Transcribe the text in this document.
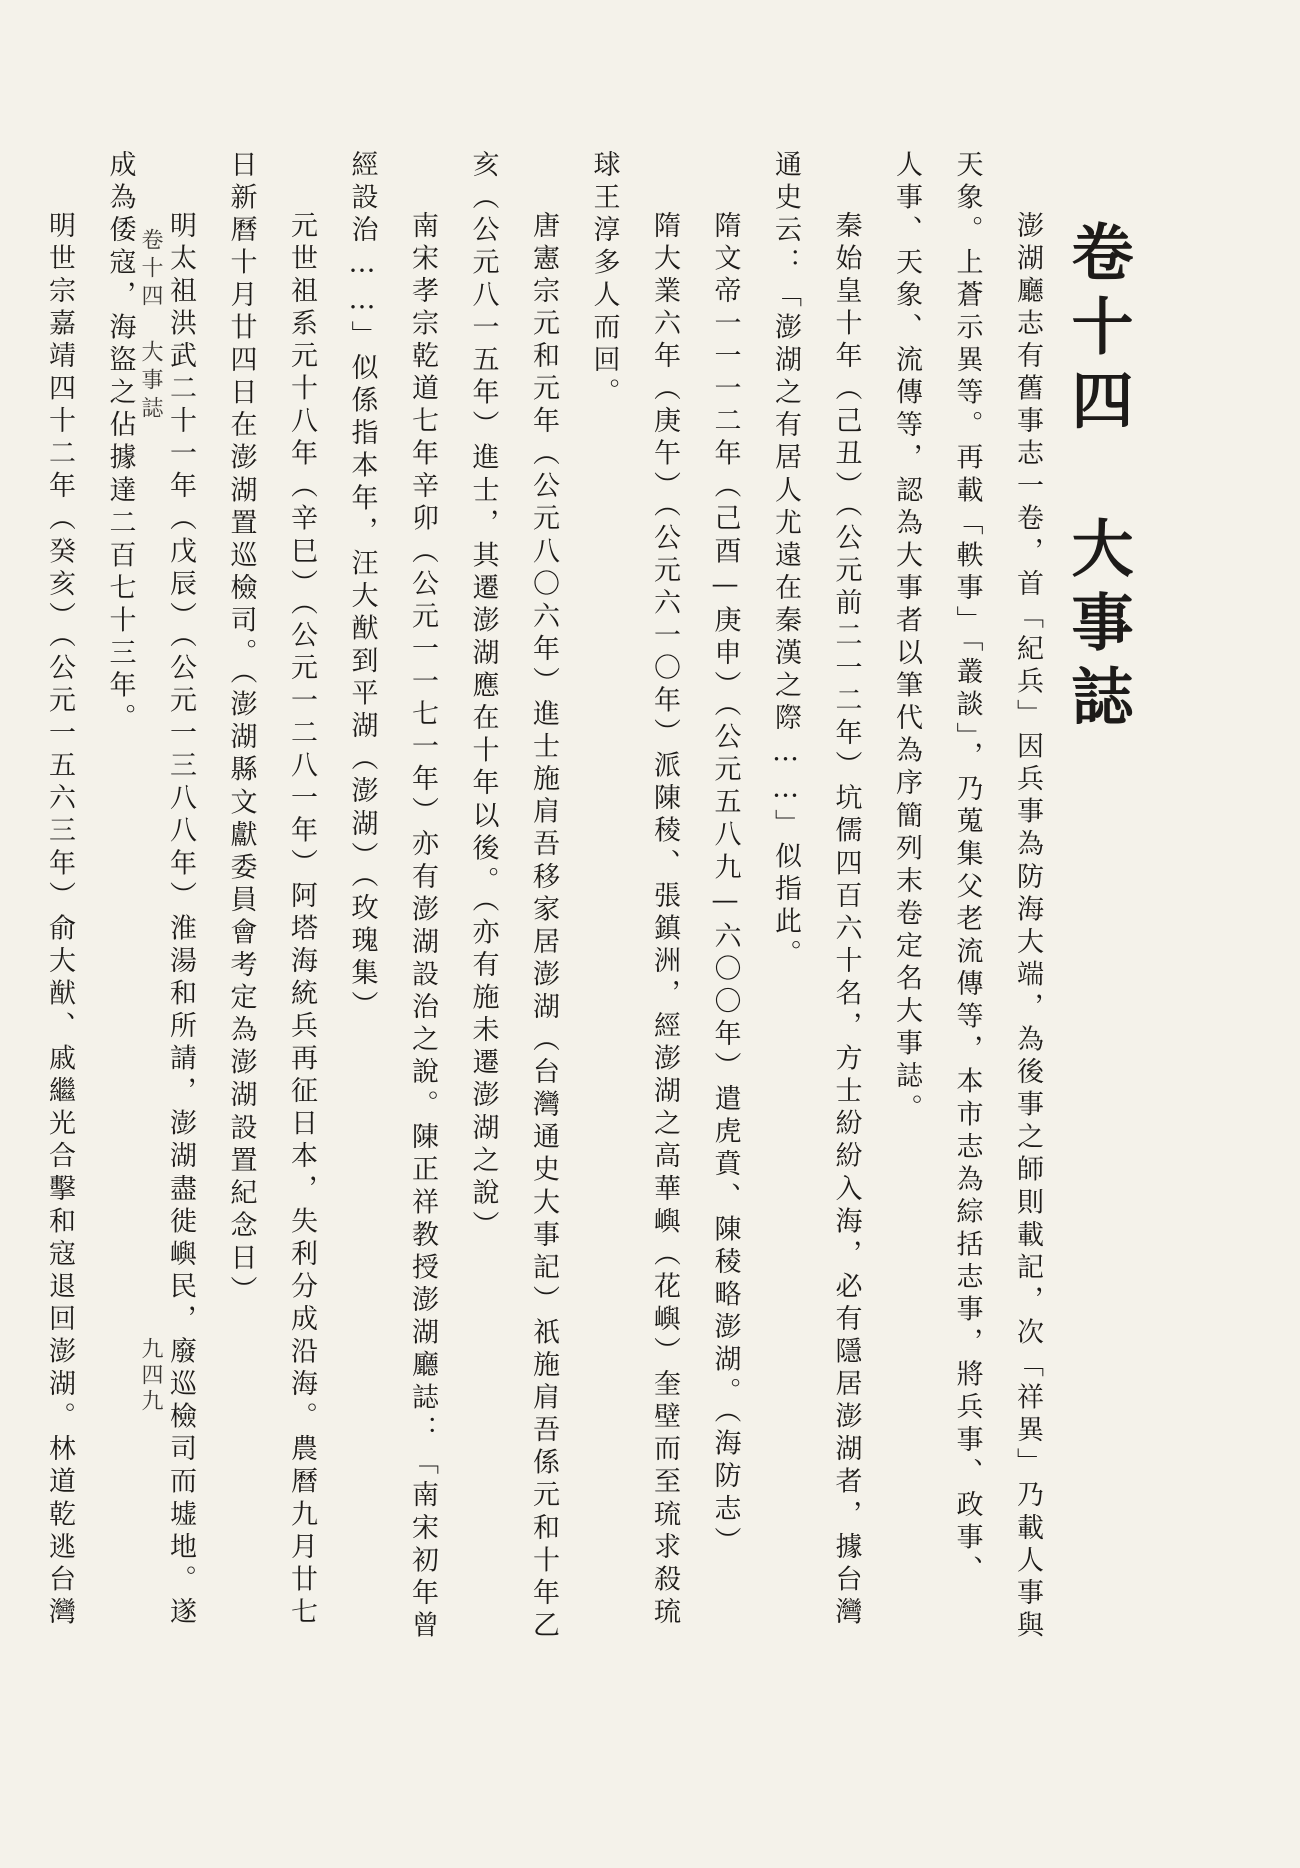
卷十四　大事誌

澎湖廳志有舊事志一卷，首「紀兵」因兵事為防海大端，為後事之師則載記，次「祥異」乃載人事與

天象。上蒼示異等。再載「軼事」「叢談」，乃蒐集父老流傳等，本市志為綜括志事，將兵事、政事、

人事、天象、流傳等，認為大事者以筆代為序簡列末卷定名大事誌。

秦始皇十年（己丑）（公元前二一二年）坑儒四百六十名，方士紛紛入海，必有隱居澎湖者，據台灣

通史云：「澎湖之有居人尤遠在秦漢之際……」似指此。

隋文帝一一一二年（己酉—庚申）（公元五八九—六〇〇年）遣虎賁、陳稜略澎湖。（海防志）

隋大業六年（庚午）（公元六一〇年）派陳稜、張鎮洲，經澎湖之高華嶼（花嶼）奎壁而至琉求殺琉

球王淳多人而回。

唐憲宗元和元年（公元八〇六年）進士施肩吾移家居澎湖（台灣通史大事記）祇施肩吾係元和十年乙

亥（公元八一五年）進士，其遷澎湖應在十年以後。（亦有施未遷澎湖之說）

南宋孝宗乾道七年辛卯（公元一一七一年）亦有澎湖設治之說。陳正祥教授澎湖廳誌：「南宋初年曾

經設治……」似係指本年，汪大猷到平湖（澎湖）（玫瑰集）

元世祖系元十八年（辛巳）（公元一二八一年）阿塔海統兵再征日本，失利分成沿海。農曆九月廿七

日新曆十月廿四日在澎湖置巡檢司。（澎湖縣文獻委員會考定為澎湖設置紀念日）

明太祖洪武二十一年（戊辰）（公元一三八八年）淮湯和所請，澎湖盡徙嶼民，廢巡檢司而墟地。遂

成為倭寇，海盜之佔據達二百七十三年。

明世宗嘉靖四十二年（癸亥）（公元一五六三年）俞大猷、戚繼光合擊和寇退回澎湖。林道乾逃台灣	卷十四　大事誌
九四九
